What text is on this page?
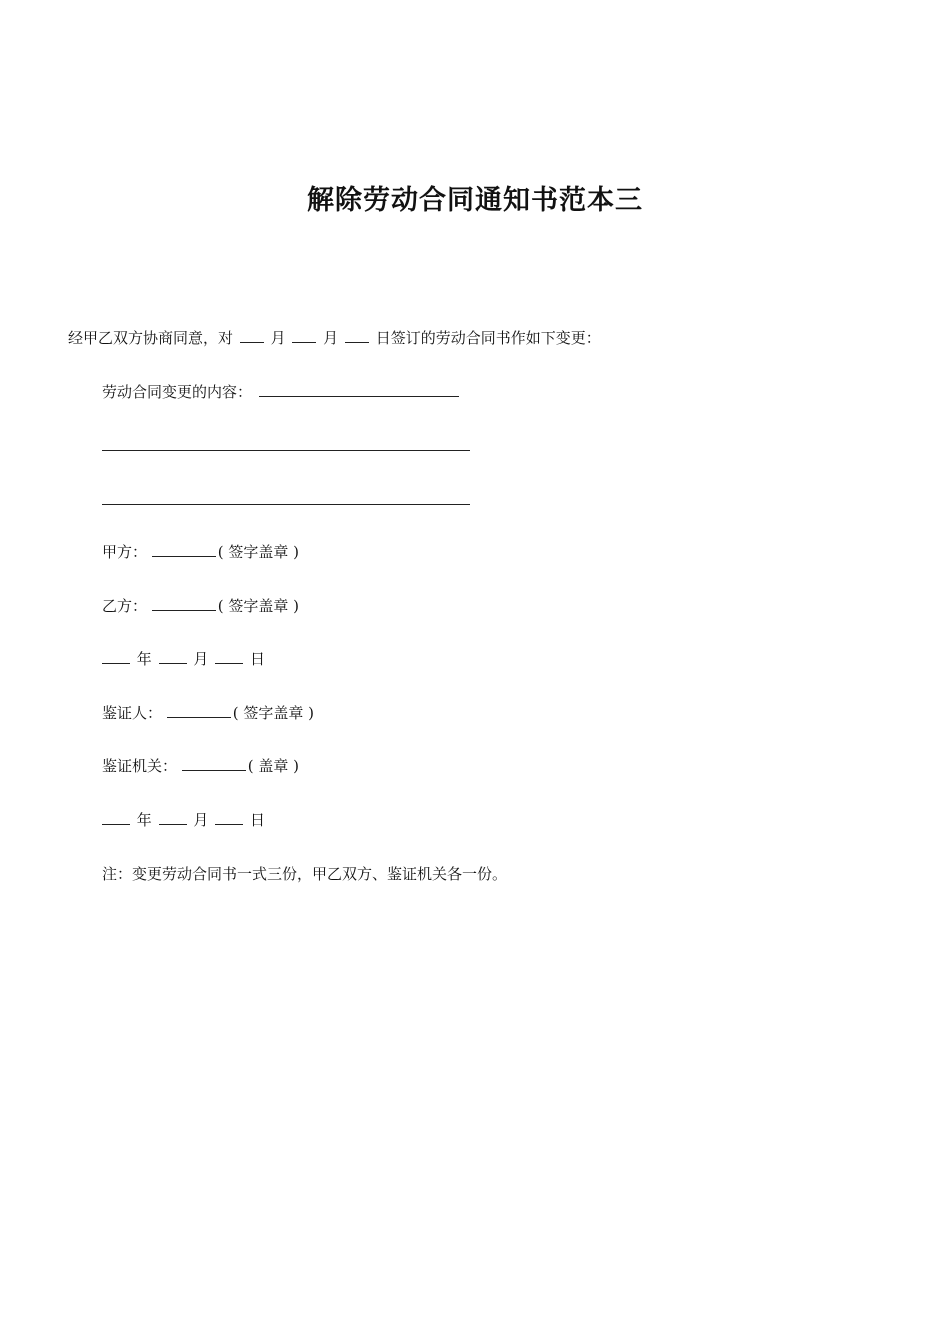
解除劳动合同通知书范本三
经甲乙双方协商同意，对	月	月	日签订的劳动合同书作如下变更：
劳动合同变更的内容：
甲方：	( 签字盖章 )
乙方：	( 签字盖章 )
年	月	日
鉴证人：	( 签字盖章 )
鉴证机关：	( 盖章 )
年	月	日
注：变更劳动合同书一式三份，甲乙双方、鉴证机关各一份。
